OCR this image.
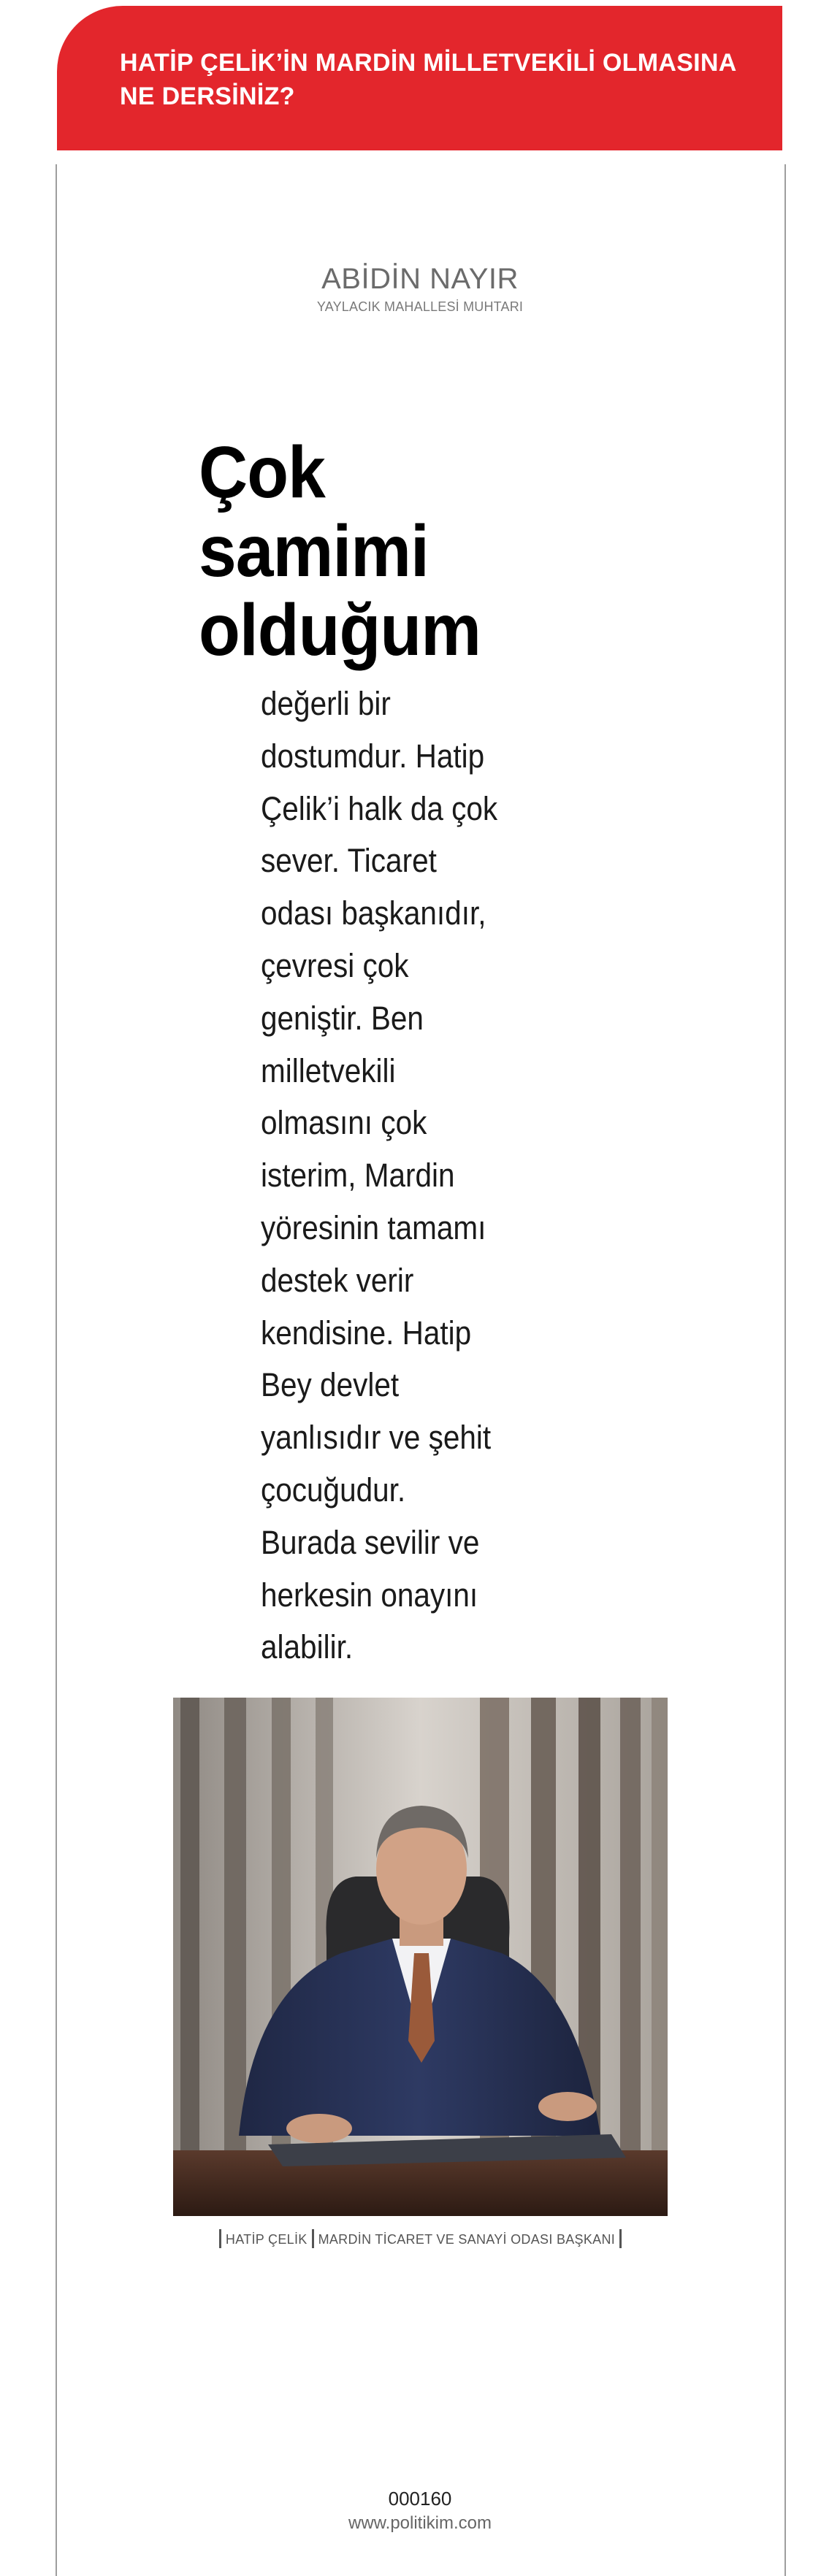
HATİP ÇELİK’İN MARDİN MİLLETVEKİLİ OLMASINA
NE DERSİNİZ?

ABİDİN NAYIR
YAYLACIK MAHALLESİ MUHTARI
Çok
samimi
olduğum
değerli bir
dostumdur. Hatip
Çelik’i halk da çok
sever. Ticaret
odası başkanıdır,
çevresi çok
geniştir. Ben
milletvekili
olmasını çok
isterim, Mardin
yöresinin tamamı
destek verir
kendisine. Hatip
Bey devlet
yanlısıdır ve şehit
çocuğudur.
Burada sevilir ve
herkesin onayını
alabilir.
HATİP ÇELİK MARDİN TİCARET VE SANAYİ ODASI BAŞKANI
000160
www.politikim.com
